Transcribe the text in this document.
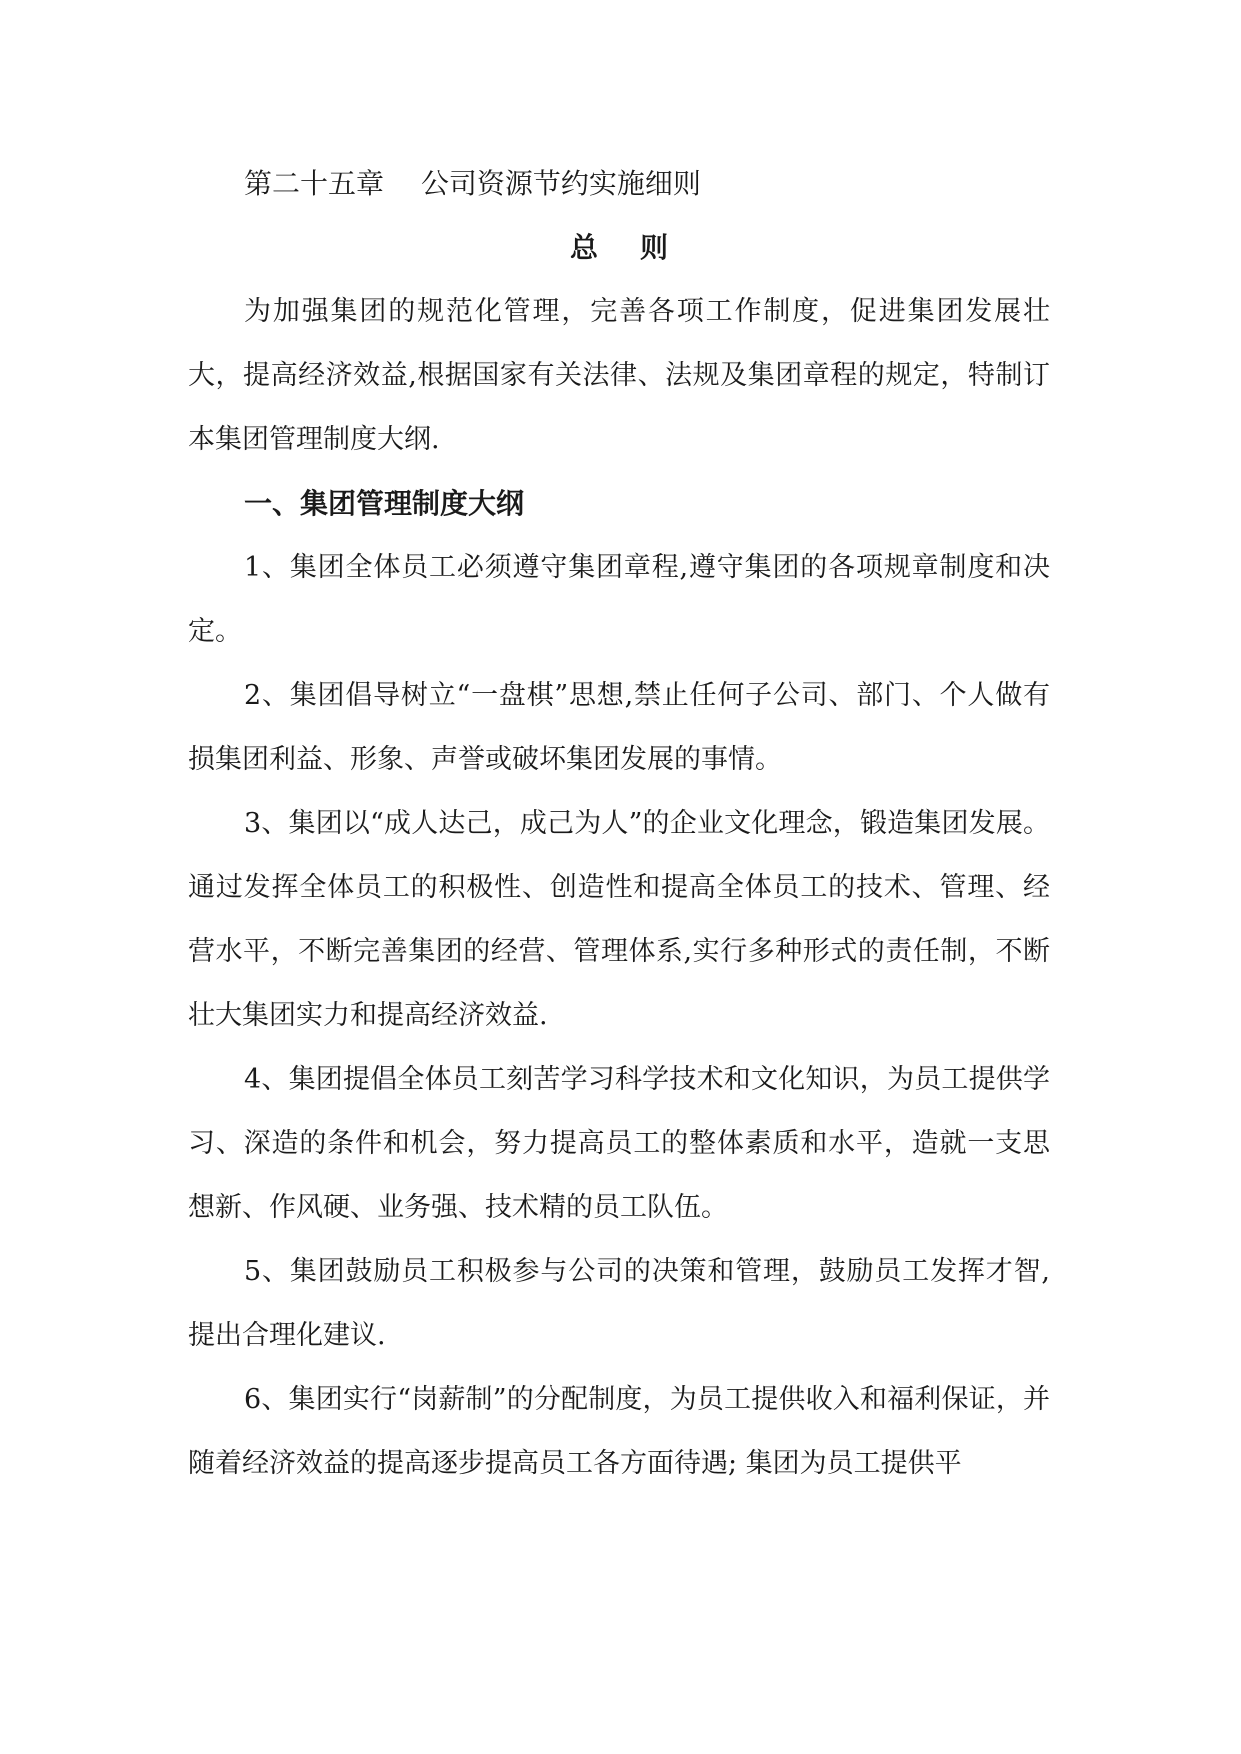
第二十五章　 公司资源节约实施细则
总则

为加强集团的规范化管理，完善各项工作制度，促进集团发展壮大，提高经济效益,根据国家有关法律、法规及集团章程的规定，特制订本集团管理制度大纲.

一、集团管理制度大纲

1、集团全体员工必须遵守集团章程,遵守集团的各项规章制度和决定。

2、集团倡导树立“一盘棋”思想,禁止任何子公司、部门、个人做有损集团利益、形象、声誉或破坏集团发展的事情。

3、集团以“成人达己，成己为人”的企业文化理念，锻造集团发展。通过发挥全体员工的积极性、创造性和提高全体员工的技术、管理、经营水平，不断完善集团的经营、管理体系,实行多种形式的责任制，不断壮大集团实力和提高经济效益.

4、集团提倡全体员工刻苦学习科学技术和文化知识，为员工提供学习、深造的条件和机会，努力提高员工的整体素质和水平，造就一支思想新、作风硬、业务强、技术精的员工队伍。

5、集团鼓励员工积极参与公司的决策和管理，鼓励员工发挥才智,提出合理化建议.

6、集团实行“岗薪制”的分配制度，为员工提供收入和福利保证，并随着经济效益的提高逐步提高员工各方面待遇; 集团为员工提供平
